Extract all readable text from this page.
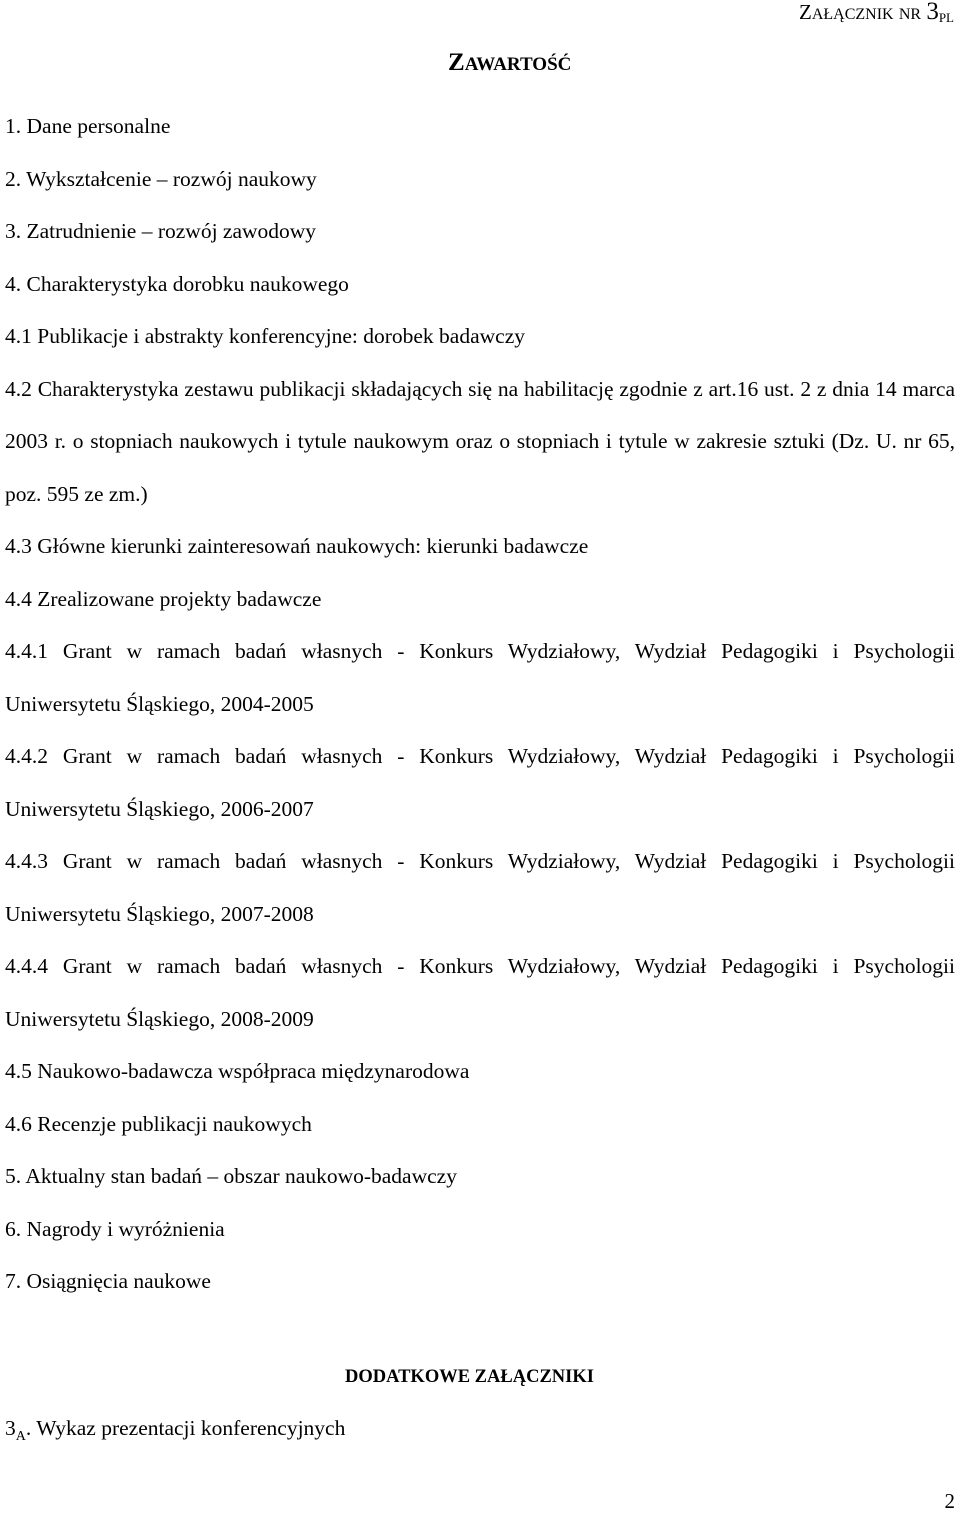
ZAŁĄCZNIK NR $3_{PL}$
ZAWARTOŚĆ
1. Dane personalne
2. Wykształcenie – rozwój naukowy
3. Zatrudnienie – rozwój zawodowy
4. Charakterystyka dorobku naukowego
4.1 Publikacje i abstrakty konferencyjne: dorobek badawczy
4.2 Charakterystyka zestawu publikacji składających się na habilitację zgodnie z art.16 ust. 2 z dnia 14 marca 2003 r. o stopniach naukowych i tytule naukowym oraz o stopniach i tytule w zakresie sztuki (Dz. U. nr 65, poz. 595 ze zm.)
4.3 Główne kierunki zainteresowań naukowych: kierunki badawcze
4.4 Zrealizowane projekty badawcze
4.4.1 Grant w ramach badań własnych - Konkurs Wydziałowy, Wydział Pedagogiki i Psychologii Uniwersytetu Śląskiego, 2004-2005
4.4.2 Grant w ramach badań własnych - Konkurs Wydziałowy, Wydział Pedagogiki i Psychologii Uniwersytetu Śląskiego, 2006-2007
4.4.3 Grant w ramach badań własnych - Konkurs Wydziałowy, Wydział Pedagogiki i Psychologii Uniwersytetu Śląskiego, 2007-2008
4.4.4 Grant w ramach badań własnych - Konkurs Wydziałowy, Wydział Pedagogiki i Psychologii Uniwersytetu Śląskiego, 2008-2009
4.5 Naukowo-badawcza współpraca międzynarodowa
4.6 Recenzje publikacji naukowych
5. Aktualny stan badań – obszar naukowo-badawczy
6. Nagrody i wyróżnienia
7. Osiągnięcia naukowe
DODATKOWE ZAŁĄCZNIKI
$3_A$. Wykaz prezentacji konferencyjnych
2
